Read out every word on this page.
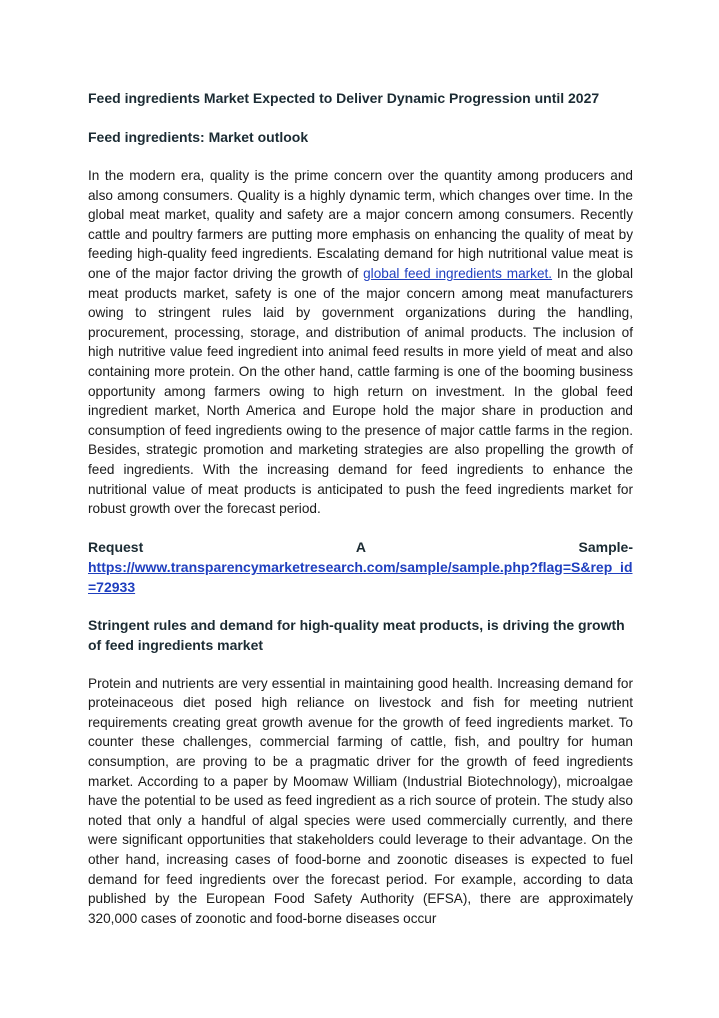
Feed ingredients Market Expected to Deliver Dynamic Progression until 2027
Feed ingredients: Market outlook

In the modern era, quality is the prime concern over the quantity among producers and also among consumers. Quality is a highly dynamic term, which changes over time. In the global meat market, quality and safety are a major concern among consumers. Recently cattle and poultry farmers are putting more emphasis on enhancing the quality of meat by feeding high-quality feed ingredients. Escalating demand for high nutritional value meat is one of the major factor driving the growth of global feed ingredients market. In the global meat products market, safety is one of the major concern among meat manufacturers owing to stringent rules laid by government organizations during the handling, procurement, processing, storage, and distribution of animal products. The inclusion of high nutritive value feed ingredient into animal feed results in more yield of meat and also containing more protein. On the other hand, cattle farming is one of the booming business opportunity among farmers owing to high return on investment. In the global feed ingredient market, North America and Europe hold the major share in production and consumption of feed ingredients owing to the presence of major cattle farms in the region. Besides, strategic promotion and marketing strategies are also propelling the growth of feed ingredients. With the increasing demand for feed ingredients to enhance the nutritional value of meat products is anticipated to push the feed ingredients market for robust growth over the forecast period.

Request	A	Sample-
https://www.transparencymarketresearch.com/sample/sample.php?flag=S&rep_id=72933
Stringent rules and demand for high-quality meat products, is driving the growth of feed ingredients market

Protein and nutrients are very essential in maintaining good health. Increasing demand for proteinaceous diet posed high reliance on livestock and fish for meeting nutrient requirements creating great growth avenue for the growth of feed ingredients market. To counter these challenges, commercial farming of cattle, fish, and poultry for human consumption, are proving to be a pragmatic driver for the growth of feed ingredients market. According to a paper by Moomaw William (Industrial Biotechnology), microalgae have the potential to be used as feed ingredient as a rich source of protein. The study also noted that only a handful of algal species were used commercially currently, and there were significant opportunities that stakeholders could leverage to their advantage. On the other hand, increasing cases of food-borne and zoonotic diseases is expected to fuel demand for feed ingredients over the forecast period. For example, according to data published by the European Food Safety Authority (EFSA), there are approximately 320,000 cases of zoonotic and food-borne diseases occur
